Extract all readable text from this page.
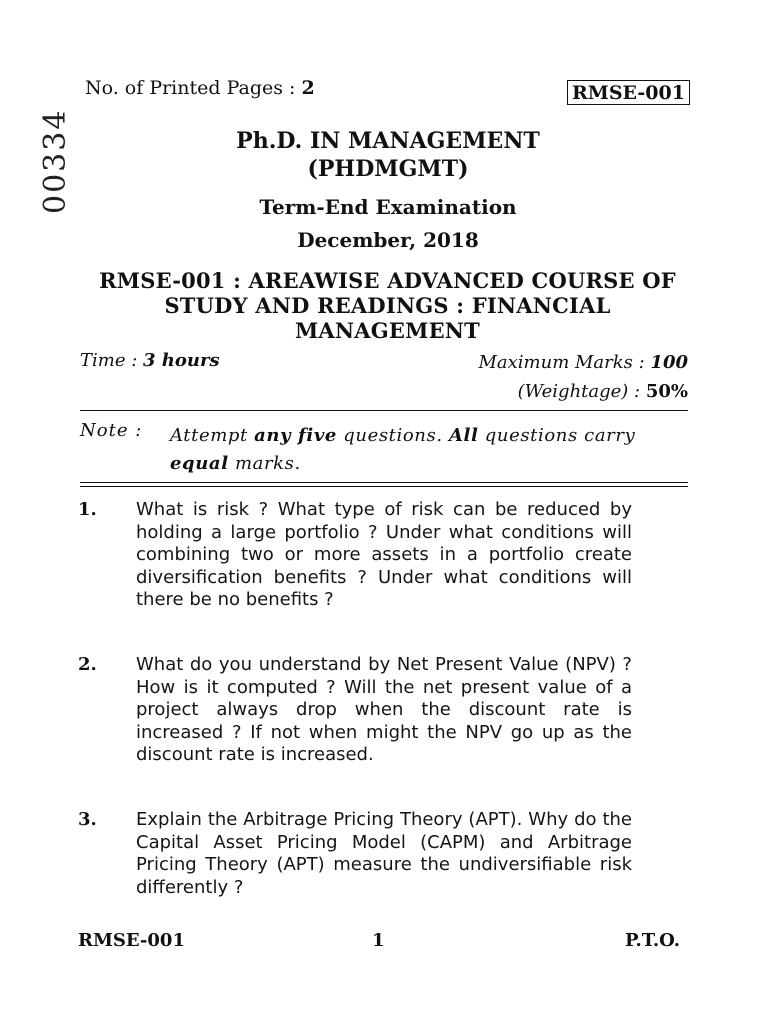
No. of Printed Pages : 2	RMSE-001
00334	Ph.D. IN MANAGEMENT
(PHDMGMT)
Term-End Examination
December, 2018
RMSE-001 : AREAWISE ADVANCED COURSE OF STUDY AND READINGS : FINANCIAL MANAGEMENT
Time : 3 hours	Maximum Marks : 100
(Weightage) : 50%
Note : Attempt any five questions. All questions carry
equal marks.
1. What is risk ? What type of risk can be reduced by holding a large portfolio ? Under what conditions will combining two or more assets in a portfolio create diversification benefits ? Under what conditions will there be no benefits ?
2. What do you understand by Net Present Value (NPV) ? How is it computed ? Will the net present value of a project always drop when the discount rate is increased ? If not when might the NPV go up as the discount rate is increased.
3. Explain the Arbitrage Pricing Theory (APT). Why do the Capital Asset Pricing Model (CAPM) and Arbitrage Pricing Theory (APT) measure the undiversifiable risk differently ?
RMSE-001	1	P.T.O.
